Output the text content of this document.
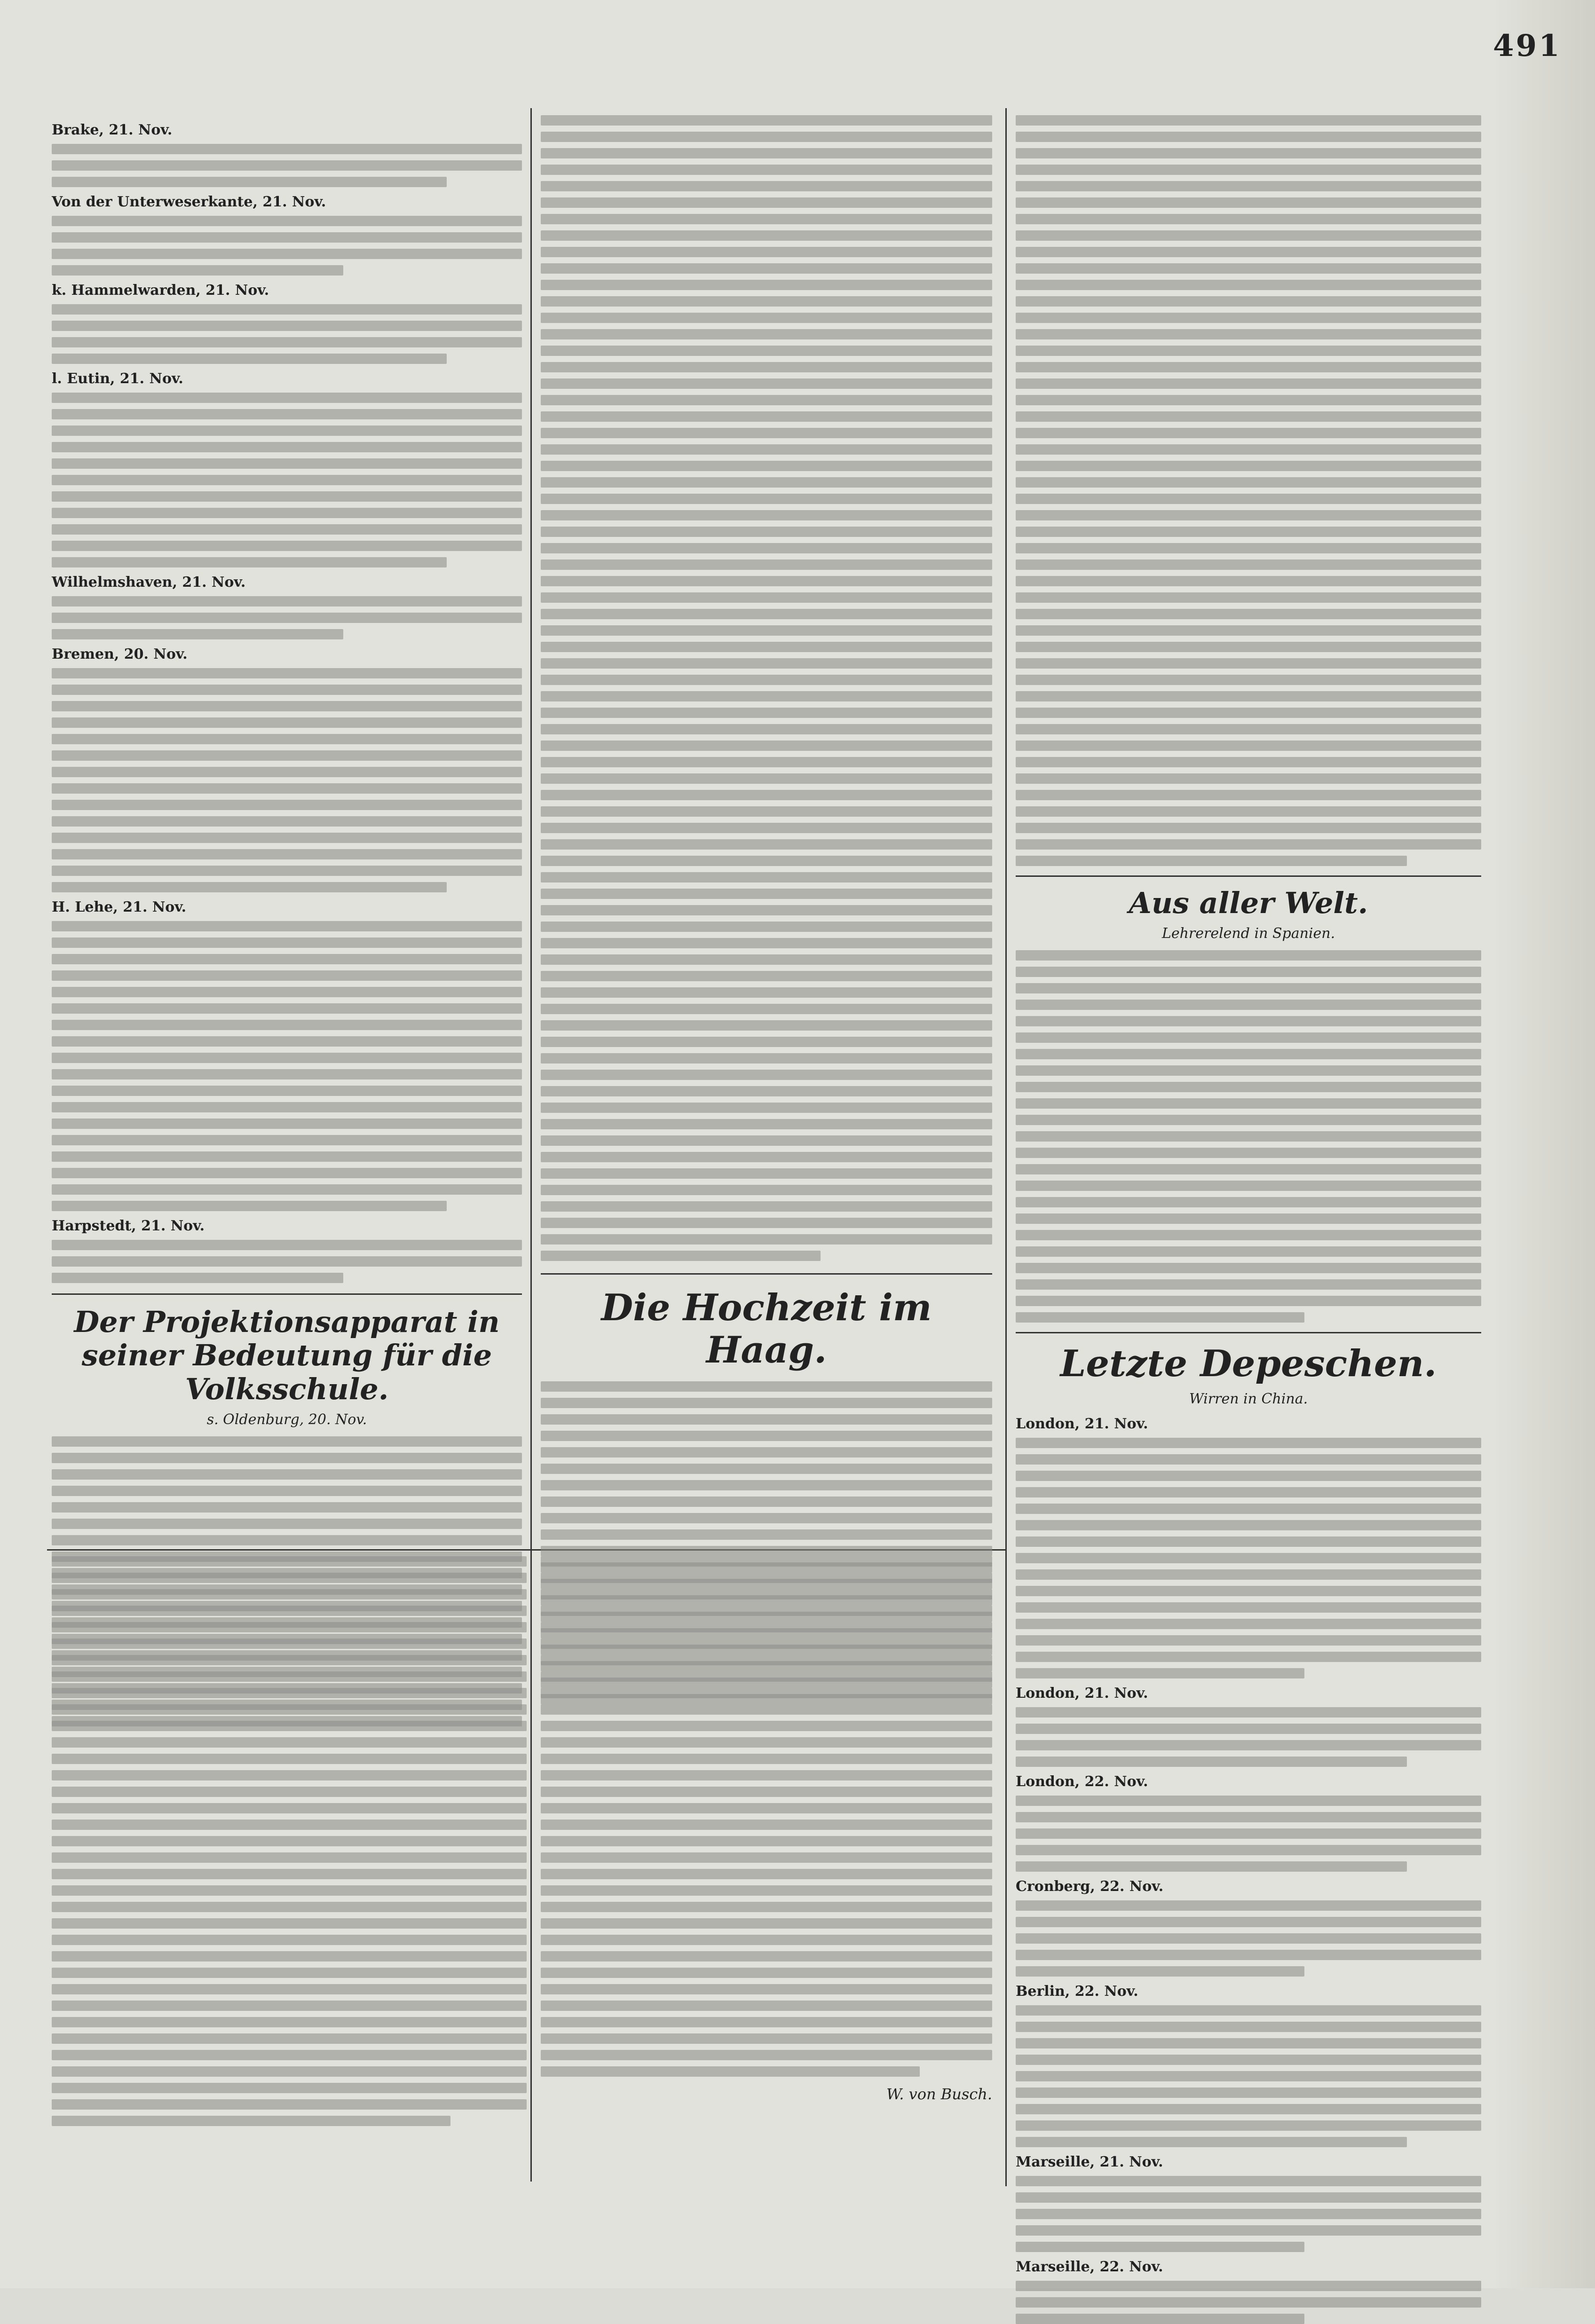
491
Brake, 21. Nov.
Von der Unterweserkante, 21. Nov.
k. Hammelwarden, 21. Nov.
l. Eutin, 21. Nov.
Wilhelmshaven, 21. Nov.
Bremen, 20. Nov.
H. Lehe, 21. Nov.
Harpstedt, 21. Nov.
Der Projektionsapparat in seiner Bedeutung für die Volksschule.
s. Oldenburg, 20. Nov.
Die Hochzeit im Haag.
Aus aller Welt.
Lehrerelend in Spanien.
Letzte Depeschen.
Wirren in China.
London, 21. Nov.
London, 21. Nov.
London, 22. Nov.
Cronberg, 22. Nov.
Berlin, 22. Nov.
Marseille, 21. Nov.
Marseille, 22. Nov.
W. von Busch.
